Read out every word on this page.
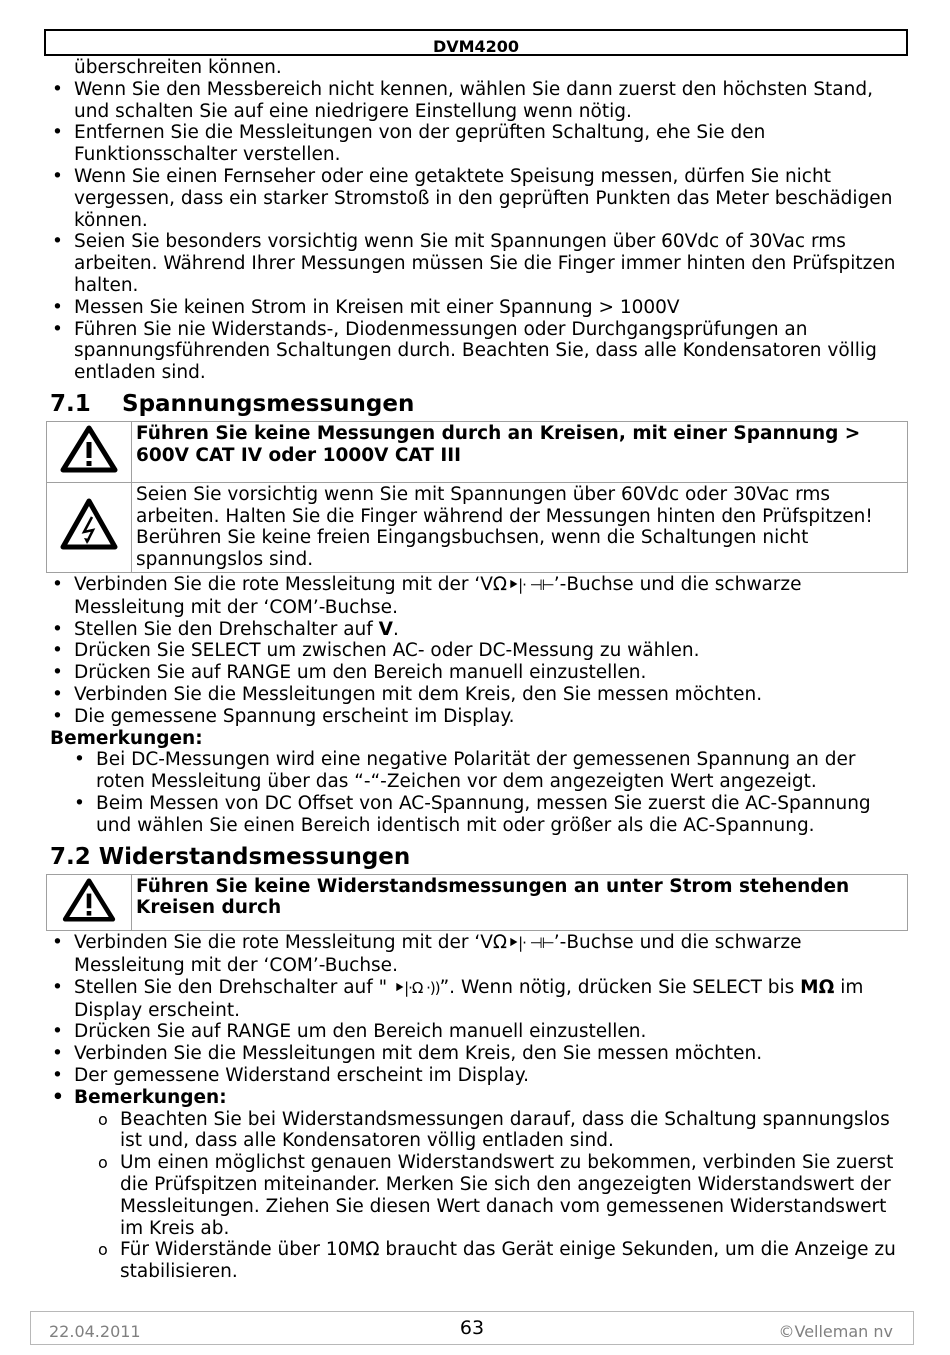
DVM4200

überschreiten können.

• Wenn Sie den Messbereich nicht kennen, wählen Sie dann zuerst den höchsten Stand, und schalten Sie auf eine niedrigere Einstellung wenn nötig.
• Entfernen Sie die Messleitungen von der geprüften Schaltung, ehe Sie den Funktionsschalter verstellen.
• Wenn Sie einen Fernseher oder eine getaktete Speisung messen, dürfen Sie nicht vergessen, dass ein starker Stromstoß in den geprüften Punkten das Meter beschädigen können.
• Seien Sie besonders vorsichtig wenn Sie mit Spannungen über 60Vdc of 30Vac rms arbeiten. Während Ihrer Messungen müssen Sie die Finger immer hinten den Prüfspitzen halten.
• Messen Sie keinen Strom in Kreisen mit einer Spannung > 1000V
• Führen Sie nie Widerstands-, Diodenmessungen oder Durchgangsprüfungen an spannungsführenden Schaltungen durch. Beachten Sie, dass alle Kondensatoren völlig entladen sind.
7.1 Spannungsmessungen
	Führen Sie keine Messungen durch an Kreisen, mit einer Spannung > 600V CAT IV oder 1000V CAT III
	Seien Sie vorsichtig wenn Sie mit Spannungen über 60Vdc oder 30Vac rms arbeiten. Halten Sie die Finger während der Messungen hinten den Prüfspitzen! Berühren Sie keine freien Eingangsbuchsen, wenn die Schaltungen nicht spannungslos sind.
• Verbinden Sie die rote Messleitung mit der ‘VΩ⯈|· ⊣⊢’-Buchse und die schwarze Messleitung mit der ‘COM’-Buchse.
• Stellen Sie den Drehschalter auf V.
• Drücken Sie SELECT um zwischen AC- oder DC-Messung zu wählen.
• Drücken Sie auf RANGE um den Bereich manuell einzustellen.
• Verbinden Sie die Messleitungen mit dem Kreis, den Sie messen möchten.
• Die gemessene Spannung erscheint im Display.

Bemerkungen:

• Bei DC-Messungen wird eine negative Polarität der gemessenen Spannung an der roten Messleitung über das “-“-Zeichen vor dem angezeigten Wert angezeigt.
• Beim Messen von DC Offset von AC-Spannung, messen Sie zuerst die AC-Spannung und wählen Sie einen Bereich identisch mit oder größer als die AC-Spannung.
7.2 Widerstandsmessungen
	Führen Sie keine Widerstandsmessungen an unter Strom stehenden Kreisen durch
• Verbinden Sie die rote Messleitung mit der ‘VΩ⯈|· ⊣⊢’-Buchse und die schwarze Messleitung mit der ‘COM’-Buchse.
• Stellen Sie den Drehschalter auf " ⯈|·Ω ·))”. Wenn nötig, drücken Sie SELECT bis MΩ im Display erscheint.
• Drücken Sie auf RANGE um den Bereich manuell einzustellen.
• Verbinden Sie die Messleitungen mit dem Kreis, den Sie messen möchten.
• Der gemessene Widerstand erscheint im Display.
• Bemerkungen:
o Beachten Sie bei Widerstandsmessungen darauf, dass die Schaltung spannungslos ist und, dass alle Kondensatoren völlig entladen sind.
o Um einen möglichst genauen Widerstandswert zu bekommen, verbinden Sie zuerst die Prüfspitzen miteinander. Merken Sie sich den angezeigten Widerstandswert der Messleitungen. Ziehen Sie diesen Wert danach vom gemessenen Widerstandswert im Kreis ab.
o Für Widerstände über 10MΩ braucht das Gerät einige Sekunden, um die Anzeige zu stabilisieren.
22.04.2011	63	©Velleman nv
